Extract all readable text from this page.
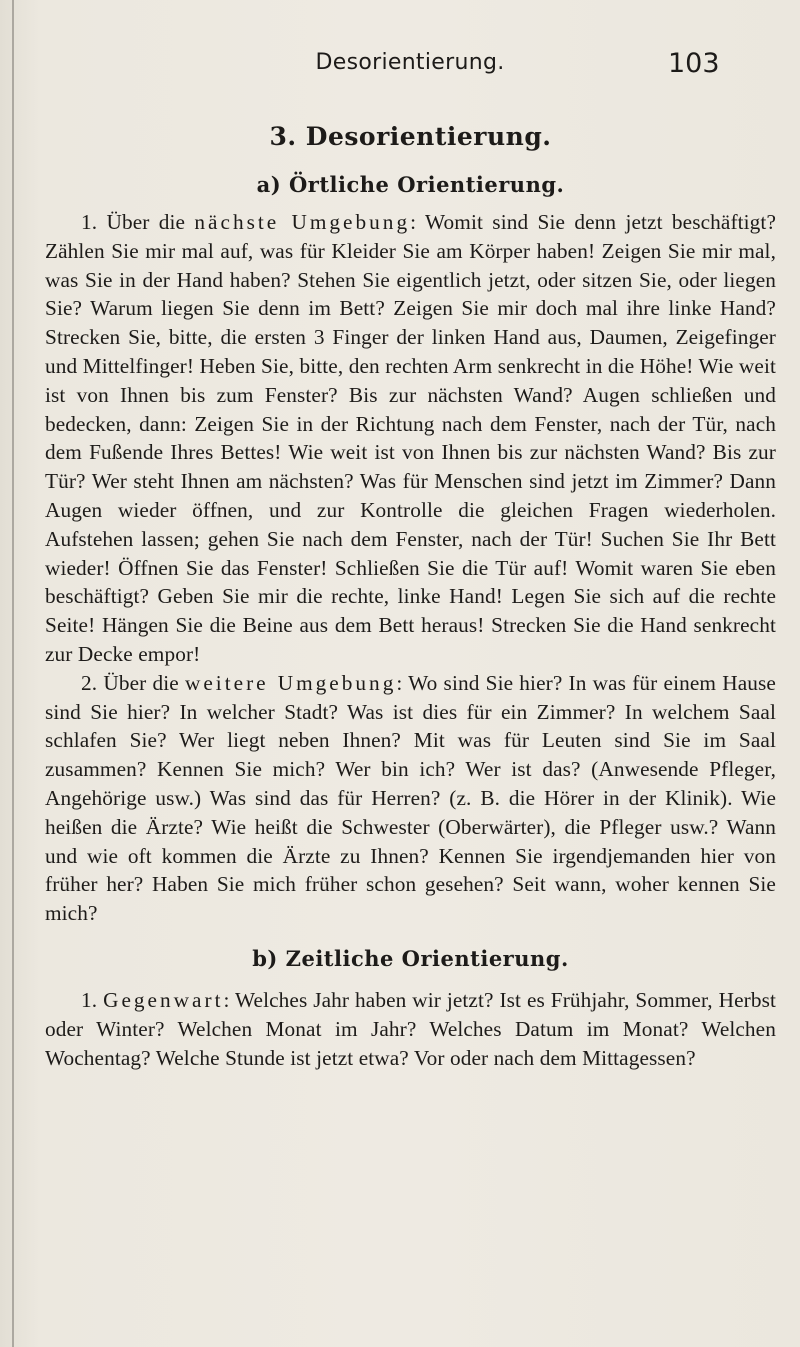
Desorientierung.	103
3. Desorientierung.
a) Örtliche Orientierung.

1. Über die nächste Umgebung: Womit sind Sie denn jetzt beschäftigt? Zählen Sie mir mal auf, was für Kleider Sie am Körper haben! Zeigen Sie mir mal, was Sie in der Hand haben? Stehen Sie eigentlich jetzt, oder sitzen Sie, oder liegen Sie? Warum liegen Sie denn im Bett? Zeigen Sie mir doch mal ihre linke Hand? Strecken Sie, bitte, die ersten 3 Finger der linken Hand aus, Daumen, Zeigefinger und Mittelfinger! Heben Sie, bitte, den rechten Arm senkrecht in die Höhe! Wie weit ist von Ihnen bis zum Fenster? Bis zur nächsten Wand? Augen schließen und bedecken, dann: Zeigen Sie in der Richtung nach dem Fenster, nach der Tür, nach dem Fußende Ihres Bettes! Wie weit ist von Ihnen bis zur nächsten Wand? Bis zur Tür? Wer steht Ihnen am nächsten? Was für Menschen sind jetzt im Zimmer? Dann Augen wieder öffnen, und zur Kontrolle die gleichen Fragen wiederholen. Aufstehen lassen; gehen Sie nach dem Fenster, nach der Tür! Suchen Sie Ihr Bett wieder! Öffnen Sie das Fenster! Schließen Sie die Tür auf! Womit waren Sie eben beschäftigt? Geben Sie mir die rechte, linke Hand! Legen Sie sich auf die rechte Seite! Hängen Sie die Beine aus dem Bett heraus! Strecken Sie die Hand senkrecht zur Decke empor!

2. Über die weitere Umgebung: Wo sind Sie hier? In was für einem Hause sind Sie hier? In welcher Stadt? Was ist dies für ein Zimmer? In welchem Saal schlafen Sie? Wer liegt neben Ihnen? Mit was für Leuten sind Sie im Saal zusammen? Kennen Sie mich? Wer bin ich? Wer ist das? (Anwesende Pfleger, Angehörige usw.) Was sind das für Herren? (z. B. die Hörer in der Klinik). Wie heißen die Ärzte? Wie heißt die Schwester (Oberwärter), die Pfleger usw.? Wann und wie oft kommen die Ärzte zu Ihnen? Kennen Sie irgendjemanden hier von früher her? Haben Sie mich früher schon gesehen? Seit wann, woher kennen Sie mich?

b) Zeitliche Orientierung.

1. Gegenwart: Welches Jahr haben wir jetzt? Ist es Frühjahr, Sommer, Herbst oder Winter? Welchen Monat im Jahr? Welches Datum im Monat? Welchen Wochentag? Welche Stunde ist jetzt etwa? Vor oder nach dem Mittagessen?
